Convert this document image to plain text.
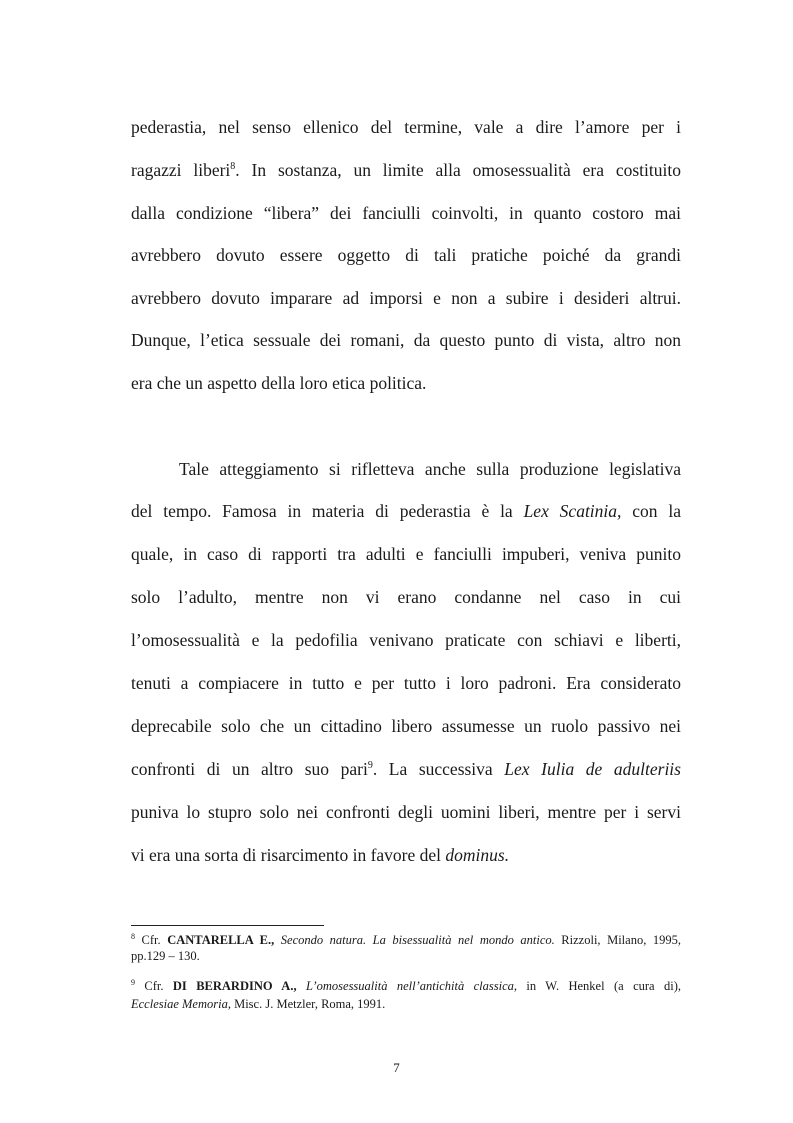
pederastia, nel senso ellenico del termine, vale a dire l’amore per i
ragazzi liberi$^8$. In sostanza, un limite alla omosessualità era costituito
dalla condizione “libera” dei fanciulli coinvolti, in quanto costoro mai
avrebbero dovuto essere oggetto di tali pratiche poiché da grandi
avrebbero dovuto imparare ad imporsi e non a subire i desideri altrui.
Dunque, l’etica sessuale dei romani, da questo punto di vista, altro non
era che un aspetto della loro etica politica.
Tale atteggiamento si rifletteva anche sulla produzione legislativa
del tempo. Famosa in materia di pederastia è la Lex Scatinia, con la
quale, in caso di rapporti tra adulti e fanciulli impuberi, veniva punito
solo l’adulto, mentre non vi erano condanne nel caso in cui
l’omosessualità e la pedofilia venivano praticate con schiavi e liberti,
tenuti a compiacere in tutto e per tutto i loro padroni. Era considerato
deprecabile solo che un cittadino libero assumesse un ruolo passivo nei
confronti di un altro suo pari$^9$. La successiva Lex Iulia de adulteriis
puniva lo stupro solo nei confronti degli uomini liberi, mentre per i servi
vi era una sorta di risarcimento in favore del dominus.
$^8$ Cfr. CANTARELLA E., Secondo natura. La bisessualità nel mondo antico. Rizzoli, Milano, 1995,
pp.129 – 130.
$^9$ Cfr. DI BERARDINO A., L’omosessualità nell’antichità classica, in W. Henkel (a cura di),
Ecclesiae Memoria, Misc. J. Metzler, Roma, 1991.
7
